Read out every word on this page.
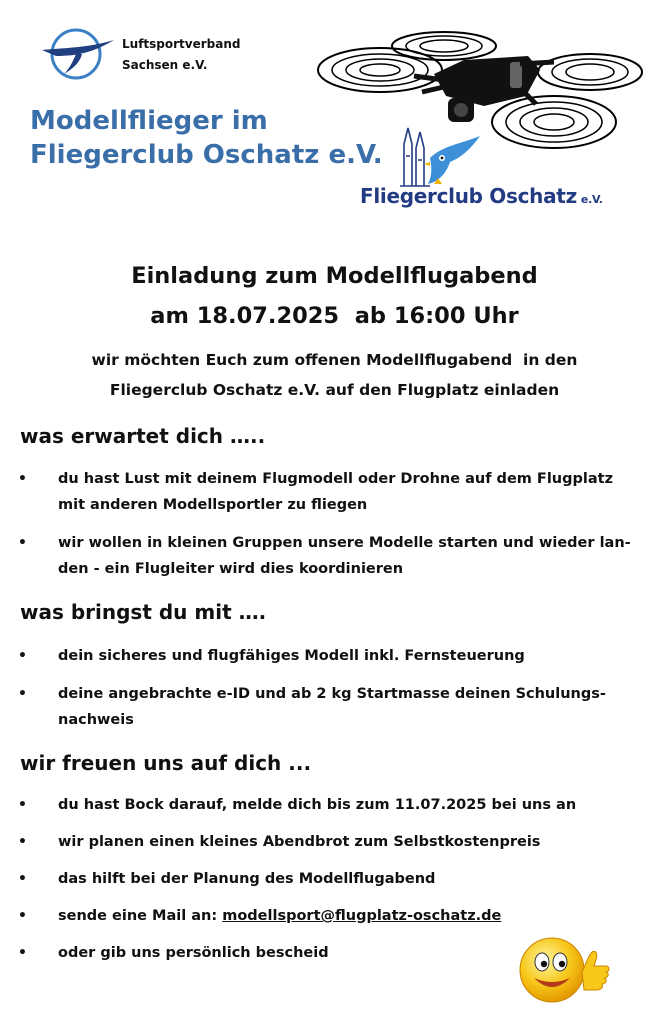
Luftsportverband
Sachsen e.V.
Modellflieger im
Fliegerclub Oschatz e.V.
Fliegerclub Oschatz e.V.
Einladung zum Modellflugabend
am 18.07.2025  ab 16:00 Uhr
wir möchten Euch zum offenen Modellflugabend  in den
Fliegerclub Oschatz e.V. auf den Flugplatz einladen
was erwartet dich …..
• du hast Lust mit deinem Flugmodell oder Drohne auf dem Flugplatz
mit anderen Modellsportler zu fliegen
• wir wollen in kleinen Gruppen unsere Modelle starten und wieder lan-
den - ein Flugleiter wird dies koordinieren
was bringst du mit ….
• dein sicheres und flugfähiges Modell inkl. Fernsteuerung
• deine angebrachte e-ID und ab 2 kg Startmasse deinen Schulungs-
nachweis
wir freuen uns auf dich ...
• du hast Bock darauf, melde dich bis zum 11.07.2025 bei uns an
• wir planen einen kleines Abendbrot zum Selbstkostenpreis
• das hilft bei der Planung des Modellflugabend
• sende eine Mail an: modellsport@flugplatz-oschatz.de
• oder gib uns persönlich bescheid
